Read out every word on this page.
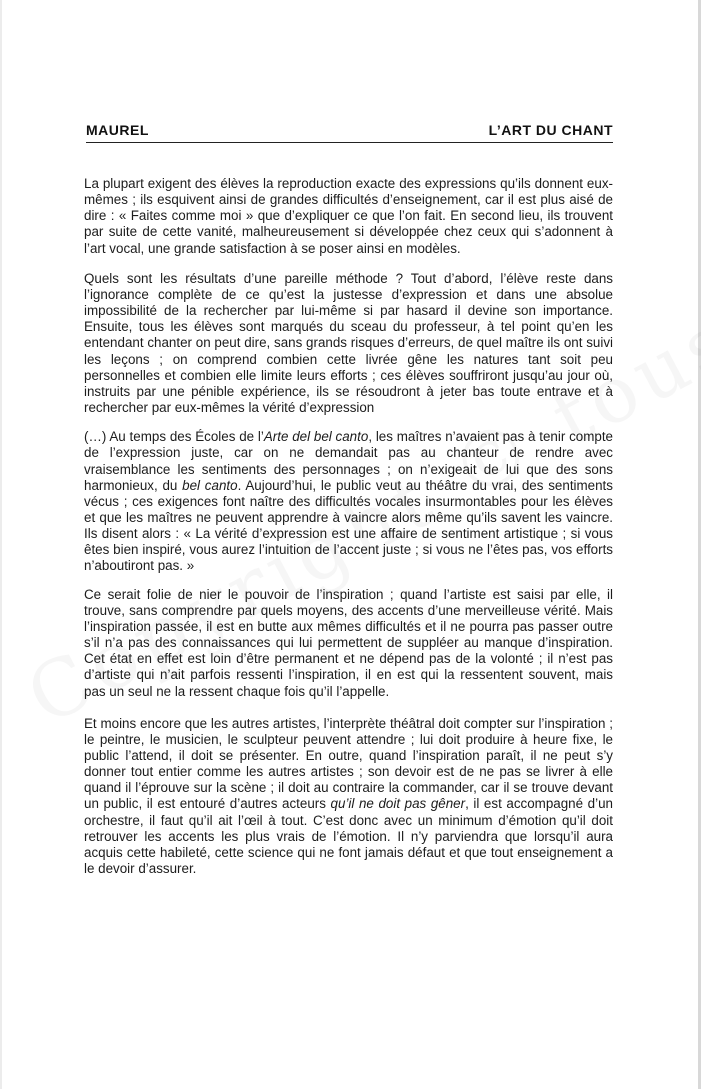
MAUREL	L’ART DU CHANT

La plupart exigent des élèves la reproduction exacte des expressions qu’ils donnent eux-mêmes ; ils esquivent ainsi de grandes difficultés d’enseignement, car il est plus aisé de dire : « Faites comme moi » que d’expliquer ce que l’on fait. En second lieu, ils trouvent par suite de cette vanité, malheureusement si développée chez ceux qui s’adonnent à l’art vocal, une grande satisfaction à se poser ainsi en modèles.

Quels sont les résultats d’une pareille méthode ? Tout d’abord, l’élève reste dans l’ignorance complète de ce qu’est la justesse d’expression et dans une absolue impossibilité de la rechercher par lui-même si par hasard il devine son importance. Ensuite, tous les élèves sont marqués du sceau du professeur, à tel point qu’en les entendant chanter on peut dire, sans grands risques d’erreurs, de quel maître ils ont suivi les leçons ; on comprend combien cette livrée gêne les natures tant soit peu personnelles et combien elle limite leurs efforts ; ces élèves souffriront jusqu’au jour où, instruits par une pénible expérience, ils se résoudront à jeter bas toute entrave et à rechercher par eux-mêmes la vérité d’expression

(…) Au temps des Écoles de l’Arte del bel canto, les maîtres n’avaient pas à tenir compte de l’expression juste, car on ne demandait pas au chanteur de rendre avec vraisemblance les sentiments des personnages ; on n’exigeait de lui que des sons harmonieux, du bel canto. Aujourd’hui, le public veut au théâtre du vrai, des sentiments vécus ; ces exigences font naître des difficultés vocales insurmontables pour les élèves et que les maîtres ne peuvent apprendre à vaincre alors même qu’ils savent les vaincre. Ils disent alors : « La vérité d’expression est une affaire de sentiment artistique ; si vous êtes bien inspiré, vous aurez l’intuition de l’accent juste ; si vous ne l’êtes pas, vos efforts n’aboutiront pas. »

Ce serait folie de nier le pouvoir de l’inspiration ; quand l’artiste est saisi par elle, il trouve, sans comprendre par quels moyens, des accents d’une merveilleuse vérité. Mais l’inspiration passée, il est en butte aux mêmes difficultés et il ne pourra pas passer outre s’il n’a pas des connaissances qui lui permettent de suppléer au manque d’inspiration. Cet état en effet est loin d’être permanent et ne dépend pas de la volonté ; il n’est pas d’artiste qui n’ait parfois ressenti l’inspiration, il en est qui la ressentent souvent, mais pas un seul ne la ressent chaque fois qu’il l’appelle.

Et moins encore que les autres artistes, l’interprète théâtral doit compter sur l’inspiration ; le peintre, le musicien, le sculpteur peuvent attendre ; lui doit produire à heure fixe, le public l’attend, il doit se présenter. En outre, quand l’inspiration paraît, il ne peut s’y donner tout entier comme les autres artistes ; son devoir est de ne pas se livrer à elle quand il l’éprouve sur la scène ; il doit au contraire la commander, car il se trouve devant un public, il est entouré d’autres acteurs qu’il ne doit pas gêner, il est accompagné d’un orchestre, il faut qu’il ait l’œil à tout. C’est donc avec un minimum d’émotion qu’il doit retrouver les accents les plus vrais de l’émotion. Il n’y parviendra que lorsqu’il aura acquis cette habileté, cette science qui ne font jamais défaut et que tout enseignement a le devoir d’assurer.
